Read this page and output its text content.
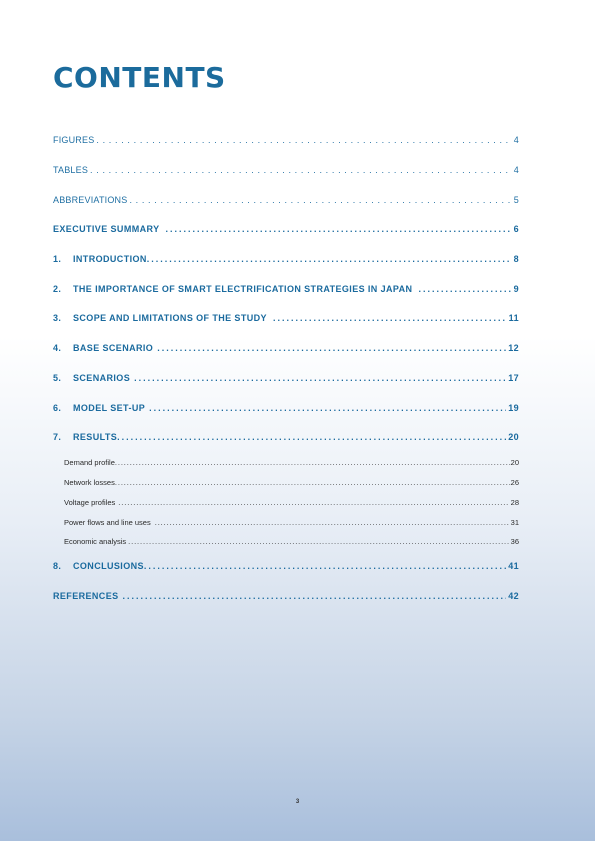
CONTENTS
FIGURES . . .	4
TABLES . . .	4
ABBREVIATIONS . . .	5
EXECUTIVE SUMMARY .....	6
1. INTRODUCTION .....	8
2. THE IMPORTANCE OF SMART ELECTRIFICATION STRATEGIES IN JAPAN .....	9
3. SCOPE AND LIMITATIONS OF THE STUDY .....	11
4. BASE SCENARIO .....	12
5. SCENARIOS .....	17
6. MODEL SET-UP .....	19
7. RESULTS .....	20
Demand profile .....	20
Network losses .....	26
Voltage profiles .....	28
Power flows and line uses .....	31
Economic analysis .....	36
8. CONCLUSIONS .....	41
REFERENCES .....	42
3
